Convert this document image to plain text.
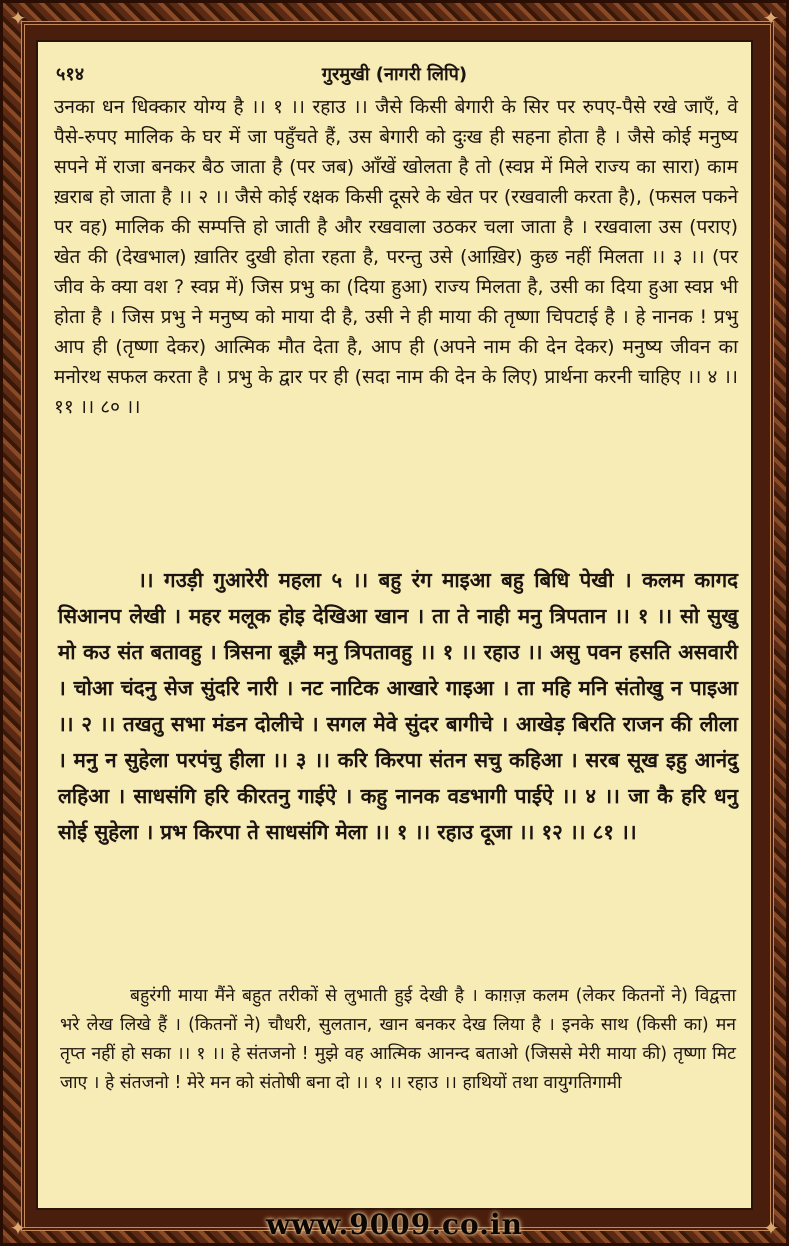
✦	✦
✦	✦
५१४	गुरमुखी (नागरी लिपि)

उनका धन धिक्कार योग्य है ।। १ ।। रहाउ ।। जैसे किसी बेगारी के सिर पर रुपए-पैसे रखे जाएँ, वे पैसे-रुपए मालिक के घर में जा पहुँचते हैं, उस बेगारी को दुःख ही सहना होता है । जैसे कोई मनुष्य सपने में राजा बनकर बैठ जाता है (पर जब) आँखें खोलता है तो (स्वप्न में मिले राज्य का सारा) काम ख़राब हो जाता है ।। २ ।। जैसे कोई रक्षक किसी दूसरे के खेत पर (रखवाली करता है), (फसल पकने पर वह) मालिक की सम्पत्ति हो जाती है और रखवाला उठकर चला जाता है । रखवाला उस (पराए) खेत की (देखभाल) ख़ातिर दुखी होता रहता है, परन्तु उसे (आख़िर) कुछ नहीं मिलता ।। ३ ।। (पर जीव के क्या वश ? स्वप्न में) जिस प्रभु का (दिया हुआ) राज्य मिलता है, उसी का दिया हुआ स्वप्न भी होता है । जिस प्रभु ने मनुष्य को माया दी है, उसी ने ही माया की तृष्णा चिपटाई है । हे नानक ! प्रभु आप ही (तृष्णा देकर) आत्मिक मौत देता है, आप ही (अपने नाम की देन देकर) मनुष्य जीवन का मनोरथ सफल करता है । प्रभु के द्वार पर ही (सदा नाम की देन के लिए) प्रार्थना करनी चाहिए ।। ४ ।। ११ ।। ८० ।।

।। गउड़ी गुआरेरी महला ५ ।। बहु रंग माइआ बहु बिधि पेखी । कलम कागद सिआनप लेखी । महर मलूक होइ देखिआ खान । ता ते नाही मनु त्रिपतान ।। १ ।। सो सुखु मो कउ संत बतावहु । त्रिसना बूझै मनु त्रिपतावहु ।। १ ।। रहाउ ।। असु पवन हसति असवारी । चोआ चंदनु सेज सुंदरि नारी । नट नाटिक आखारे गाइआ । ता महि मनि संतोखु न पाइआ ।। २ ।। तखतु सभा मंडन दोलीचे । सगल मेवे सुंदर बागीचे । आखेड़ बिरति राजन की लीला । मनु न सुहेला परपंचु हीला ।। ३ ।। करि किरपा संतन सचु कहिआ । सरब सूख इहु आनंदु लहिआ । साधसंगि हरि कीरतनु गाईऐ । कहु नानक वडभागी पाईऐ ।। ४ ।। जा कै हरि धनु सोई सुहेला । प्रभ किरपा ते साधसंगि मेला ।। १ ।। रहाउ दूजा ।। १२ ।। ८१ ।।

बहुरंगी माया मैंने बहुत तरीकों से लुभाती हुई देखी है । काग़ज़ कलम (लेकर कितनों ने) विद्वत्ता भरे लेख लिखे हैं । (कितनों ने) चौधरी, सुलतान, खान बनकर देख लिया है । इनके साथ (किसी का) मन तृप्त नहीं हो सका ।। १ ।। हे संतजनो ! मुझे वह आत्मिक आनन्द बताओ (जिससे मेरी माया की) तृष्णा मिट जाए । हे संतजनो ! मेरे मन को संतोषी बना दो ।। १ ।। रहाउ ।। हाथियों तथा वायुगतिगामी

www.9009.co.in
